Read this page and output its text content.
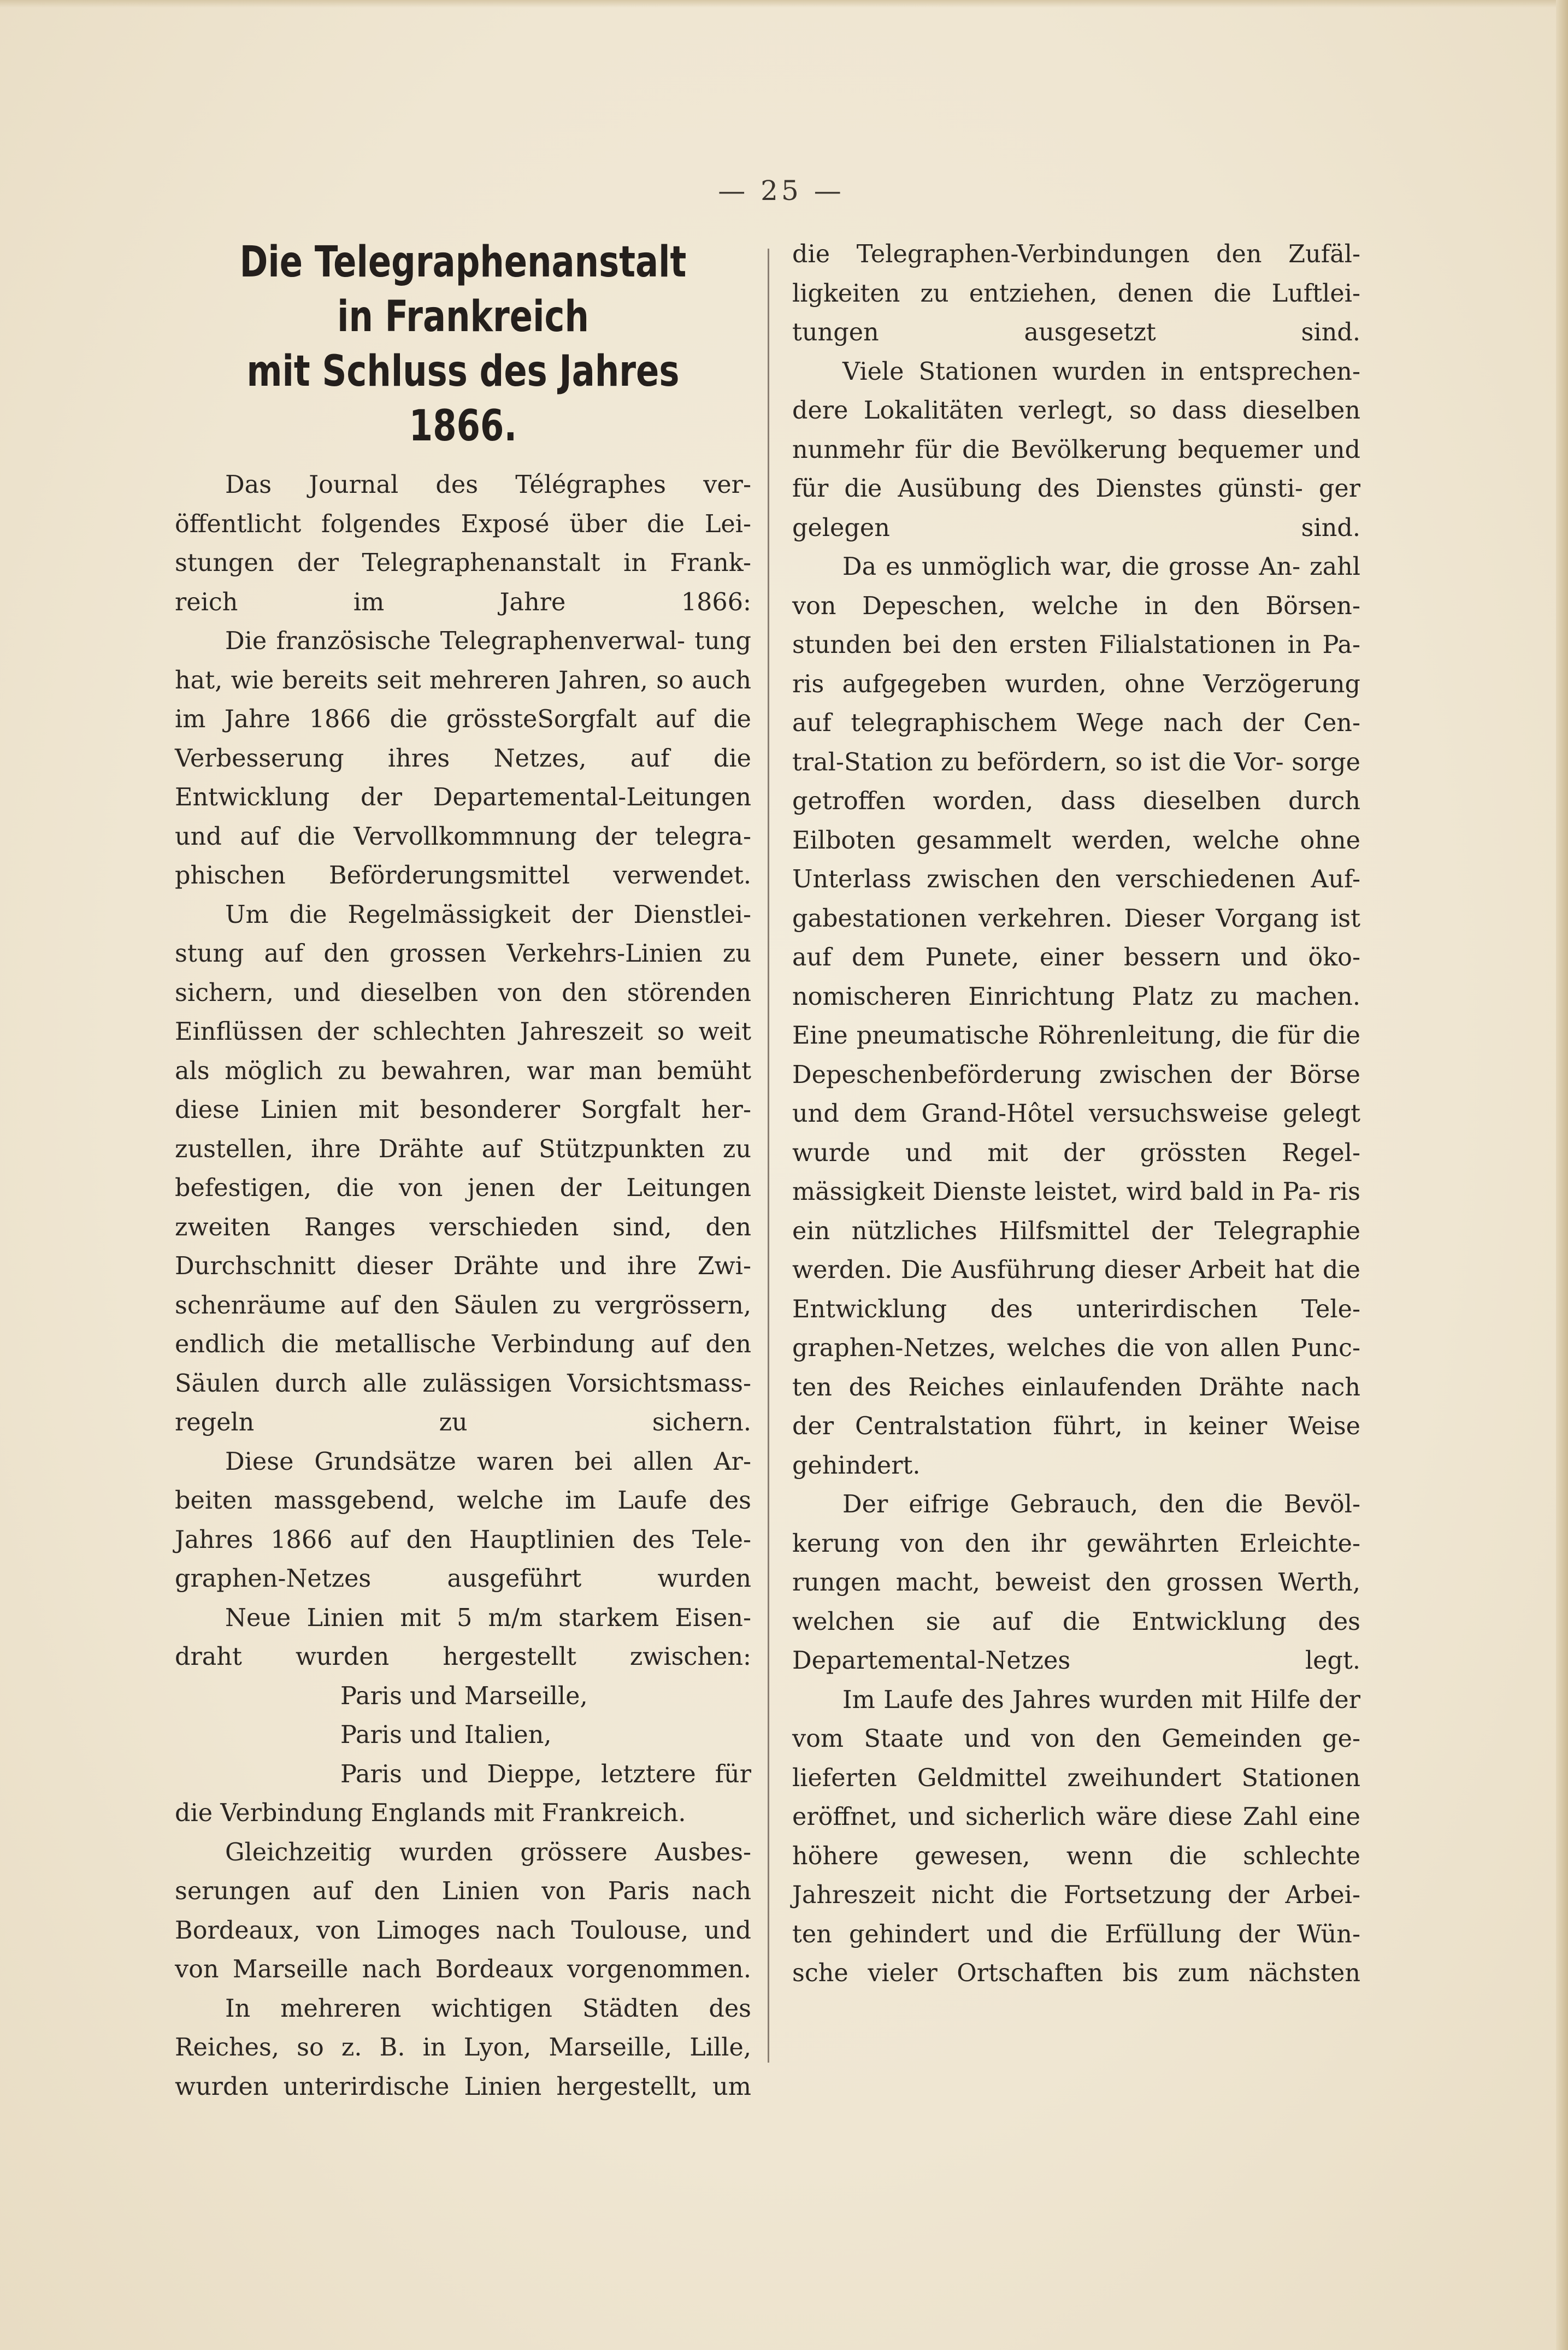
— 25 —
Die Telegraphenanstalt in Frankreich
mit Schluss des Jahres 1866.

Das Journal des Télégraphes ver- öffentlicht folgendes Exposé über die Lei- stungen der Telegraphenanstalt in Frank- reich im Jahre 1866:

Die französische Telegraphenverwal- tung hat, wie bereits seit mehreren Jahren, so auch im Jahre 1866 die grössteSorgfalt auf die Verbesserung ihres Netzes, auf die Entwicklung der Departemental-Leitungen und auf die Vervollkommnung der telegra- phischen Beförderungsmittel verwendet.

Um die Regelmässigkeit der Dienstlei- stung auf den grossen Verkehrs-Linien zu sichern, und dieselben von den störenden Einflüssen der schlechten Jahreszeit so weit als möglich zu bewahren, war man bemüht diese Linien mit besonderer Sorgfalt her- zustellen, ihre Drähte auf Stützpunkten zu befestigen, die von jenen der Leitungen zweiten Ranges verschieden sind, den Durchschnitt dieser Drähte und ihre Zwi- schenräume auf den Säulen zu vergrössern, endlich die metallische Verbindung auf den Säulen durch alle zulässigen Vorsichtsmass- regeln zu sichern.

Diese Grundsätze waren bei allen Ar- beiten massgebend, welche im Laufe des Jahres 1866 auf den Hauptlinien des Tele- graphen-Netzes ausgeführt wurden

Neue Linien mit 5 m/m starkem Eisen- draht wurden hergestellt zwischen:

Paris und Marseille,

Paris und Italien,

Paris und Dieppe, letztere für

die Verbindung Englands mit Frankreich.

Gleichzeitig wurden grössere Ausbes- serungen auf den Linien von Paris nach Bordeaux, von Limoges nach Toulouse, und von Marseille nach Bordeaux vorgenommen.

In mehreren wichtigen Städten des Reiches, so z. B. in Lyon, Marseille, Lille, wurden unterirdische Linien hergestellt, um

die Telegraphen-Verbindungen den Zufäl- ligkeiten zu entziehen, denen die Luftlei- tungen ausgesetzt sind.

Viele Stationen wurden in entsprechen- dere Lokalitäten verlegt, so dass dieselben nunmehr für die Bevölkerung bequemer und für die Ausübung des Dienstes günsti- ger gelegen sind.

Da es unmöglich war, die grosse An- zahl von Depeschen, welche in den Börsen- stunden bei den ersten Filialstationen in Pa- ris aufgegeben wurden, ohne Verzögerung auf telegraphischem Wege nach der Cen- tral-Station zu befördern, so ist die Vor- sorge getroffen worden, dass dieselben durch Eilboten gesammelt werden, welche ohne Unterlass zwischen den verschiedenen Auf- gabestationen verkehren. Dieser Vorgang ist auf dem Punete, einer bessern und öko- nomischeren Einrichtung Platz zu machen. Eine pneumatische Röhrenleitung, die für die Depeschenbeförderung zwischen der Börse und dem Grand-Hôtel versuchsweise gelegt wurde und mit der grössten Regel- mässigkeit Dienste leistet, wird bald in Pa- ris ein nützliches Hilfsmittel der Telegraphie werden. Die Ausführung dieser Arbeit hat die Entwicklung des unterirdischen Tele- graphen-Netzes, welches die von allen Punc- ten des Reiches einlaufenden Drähte nach der Centralstation führt, in keiner Weise gehindert.

Der eifrige Gebrauch, den die Bevöl- kerung von den ihr gewährten Erleichte- rungen macht, beweist den grossen Werth, welchen sie auf die Entwicklung des Departemental-Netzes legt.

Im Laufe des Jahres wurden mit Hilfe der vom Staate und von den Gemeinden ge- lieferten Geldmittel zweihundert Stationen eröffnet, und sicherlich wäre diese Zahl eine höhere gewesen, wenn die schlechte Jahreszeit nicht die Fortsetzung der Arbei- ten gehindert und die Erfüllung der Wün- sche vieler Ortschaften bis zum nächsten
